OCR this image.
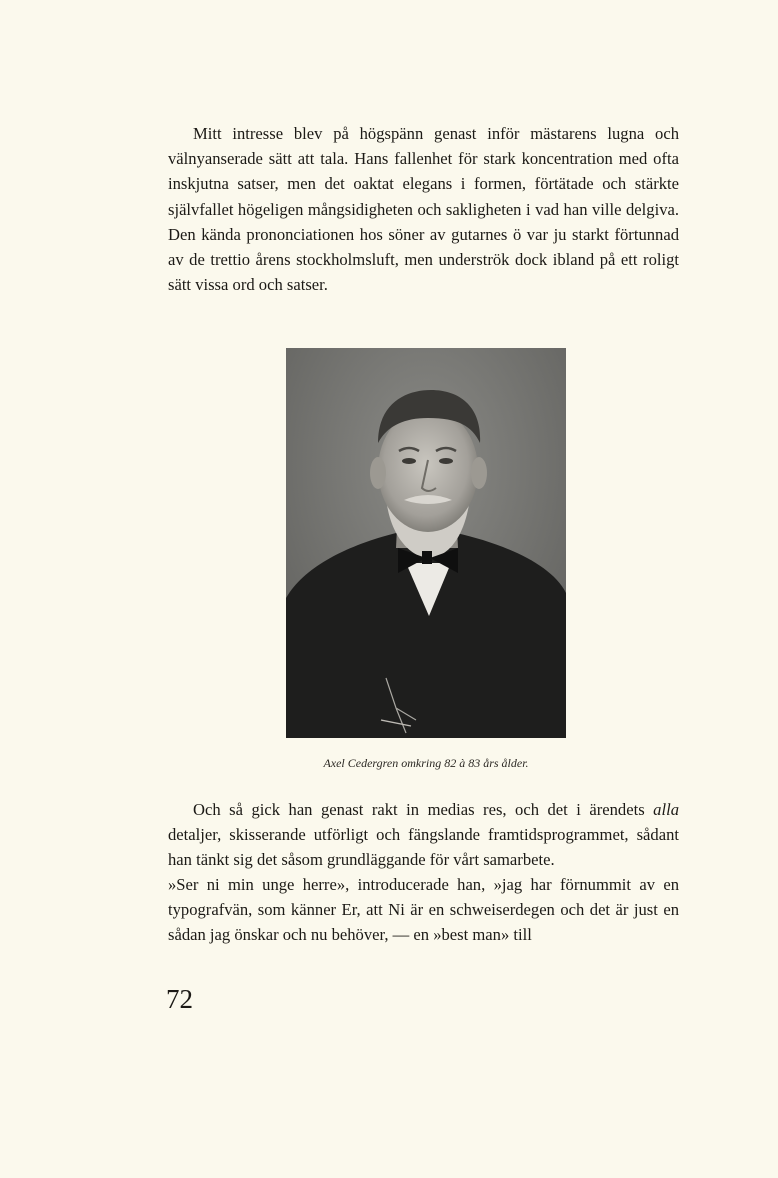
Mitt intresse blev på högspänn genast inför mästarens lugna och välnyanserade sätt att tala. Hans fallenhet för stark koncentration med ofta inskjutna satser, men det oaktat elegans i formen, förtätade och stärkte självfallet högeligen mångsidigheten och sakligheten i vad han ville delgiva. Den kända prononciationen hos söner av gutarnes ö var ju starkt förtunnad av de trettio årens stockholmsluft, men underströk dock ibland på ett roligt sätt vissa ord och satser.

Axel Cedergren omkring 82 à 83 års ålder.

Och så gick han genast rakt in medias res, och det i ärendets alla detaljer, skisserande utförligt och fängslande framtidsprogrammet, sådant han tänkt sig det såsom grundläggande för vårt samarbete.

»Ser ni min unge herre», introducerade han, »jag har förnummit av en typografvän, som känner Er, att Ni är en schweiserdegen och det är just en sådan jag önskar och nu behöver, — en »best man» till

72
